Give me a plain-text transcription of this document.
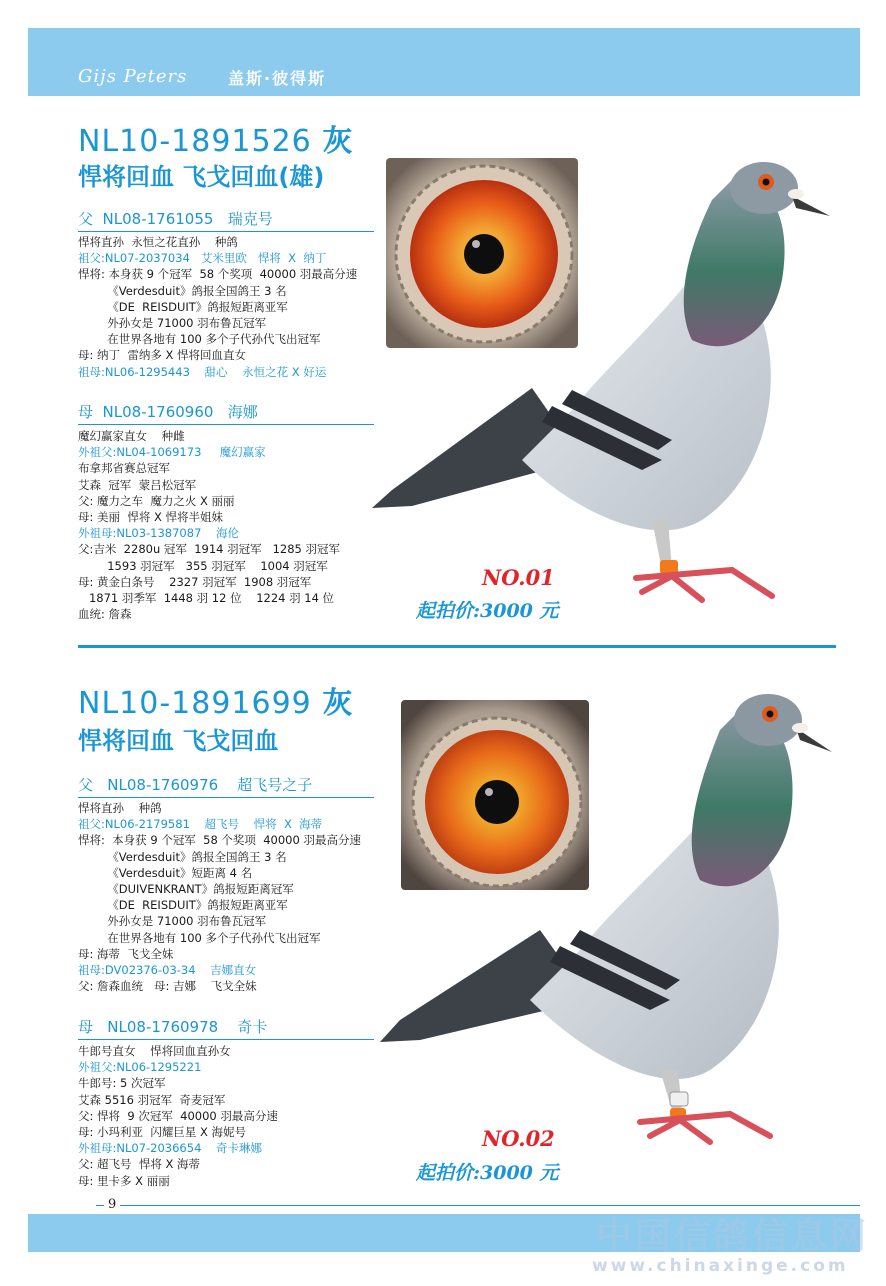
Gijs Peters	盖斯·彼得斯
NL10-1891526 灰
悍将回血 飞戈回血(雄)
父  NL08-1761055   瑞克号
悍将直孙  永恒之花直孙    种鸽
祖父:NL07-2037034   艾米里欧   悍将  X  纳丁
悍将: 本身获 9 个冠军  58 个奖项  40000 羽最高分速
《Verdesduit》鸽报全国鸽王 3 名
《DE  REISDUIT》鸽报短距离亚军
外孙女是 71000 羽布鲁瓦冠军
在世界各地有 100 多个子代孙代飞出冠军
母: 纳丁  雷纳多 X 悍将回血直女
祖母:NL06-1295443    甜心    永恒之花 X 好运
母  NL08-1760960   海娜
魔幻赢家直女    种雌
外祖父:NL04-1069173     魔幻赢家
布拿邦省赛总冠军
艾森  冠军  蒙吕松冠军
父: 魔力之车  魔力之火 X 丽丽
母: 美丽  悍将 X 悍将半姐妹
外祖母:NL03-1387087    海伦
父:吉米  2280u 冠军  1914 羽冠军   1285 羽冠军
1593 羽冠军   355 羽冠军    1004 羽冠军
母: 黄金白条号    2327 羽冠军  1908 羽冠军
1871 羽季军  1448 羽 12 位    1224 羽 14 位
血统: 詹森
NO.01
起拍价:3000 元
NL10-1891699 灰
悍将回血 飞戈回血
父   NL08-1760976    超飞号之子
悍将直孙    种鸽
祖父:NL06-2179581    超飞号    悍将  X  海蒂
悍将:  本身获 9 个冠军  58 个奖项  40000 羽最高分速
《Verdesduit》鸽报全国鸽王 3 名
《Verdesduit》短距离 4 名
《DUIVENKRANT》鸽报短距离冠军
《DE  REISDUIT》鸽报短距离亚军
外孙女是 71000 羽布鲁瓦冠军
在世界各地有 100 多个子代孙代飞出冠军
母: 海蒂  飞戈全妹
祖母:DV02376-03-34    吉娜直女
父: 詹森血统   母: 吉娜    飞戈全妹
母   NL08-1760978    奇卡
牛郎号直女    悍将回血直孙女
外祖父:NL06-1295221
牛郎号: 5 次冠军
艾森 5516 羽冠军  奇麦冠军
父: 悍将  9 次冠军  40000 羽最高分速
母: 小玛利亚  闪耀巨星 X 海妮号
外祖母:NL07-2036654    奇卡琳娜
父: 超飞号  悍将 X 海蒂
母: 里卡多 X 丽丽
NO.02
起拍价:3000 元
9
中国信鸽信息网
www.chinaxinge.com
